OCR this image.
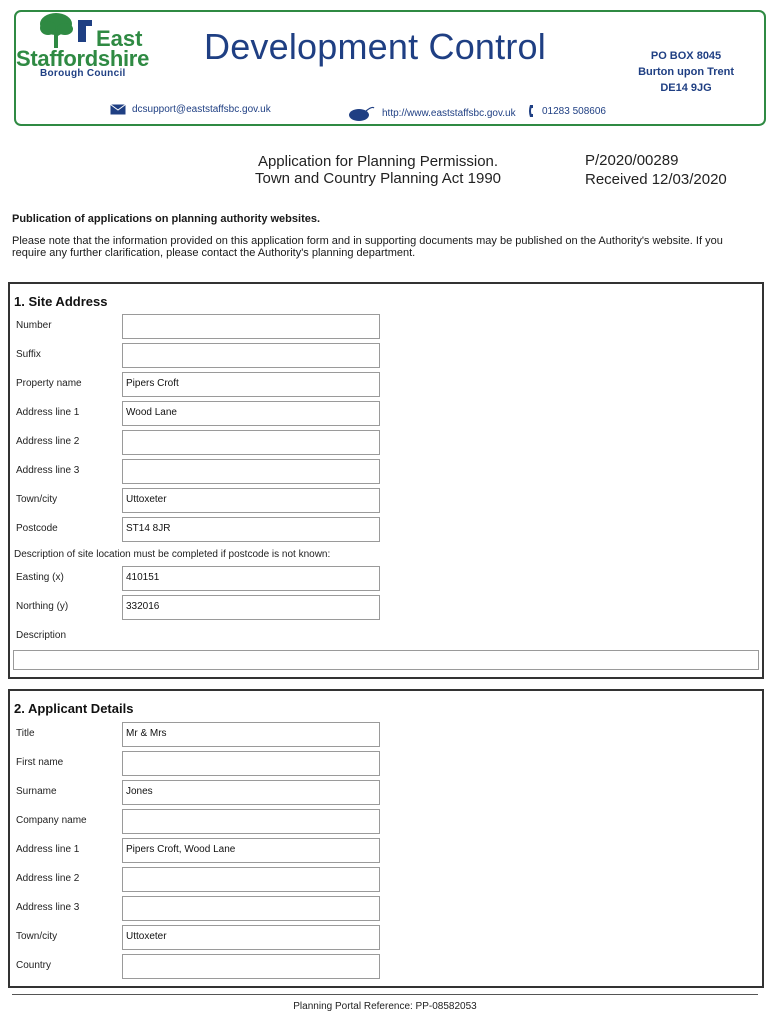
East
Staffordshire
Borough Council
Development Control	PO BOX 8045
Burton upon Trent
DE14 9JG
dcsupport@eaststaffsbc.gov.uk	http://www.eaststaffsbc.gov.uk	01283 508606
Application for Planning Permission.
Town and Country Planning Act 1990
P/2020/00289
Received 12/03/2020
Publication of applications on planning authority websites.
Please note that the information provided on this application form and in supporting documents may be published on the Authority's website. If you require any further clarification, please contact the Authority's planning department.
1. Site Address
Number
Suffix
Property name	Pipers Croft
Address line 1	Wood Lane
Address line 2
Address line 3
Town/city	Uttoxeter
Postcode	ST14 8JR
Description of site location must be completed if postcode is not known:
Easting (x)	410151
Northing (y)	332016
Description
2. Applicant Details
Title	Mr & Mrs
First name
Surname	Jones
Company name
Address line 1	Pipers Croft, Wood Lane
Address line 2
Address line 3
Town/city	Uttoxeter
Country
Planning Portal Reference: PP-08582053
